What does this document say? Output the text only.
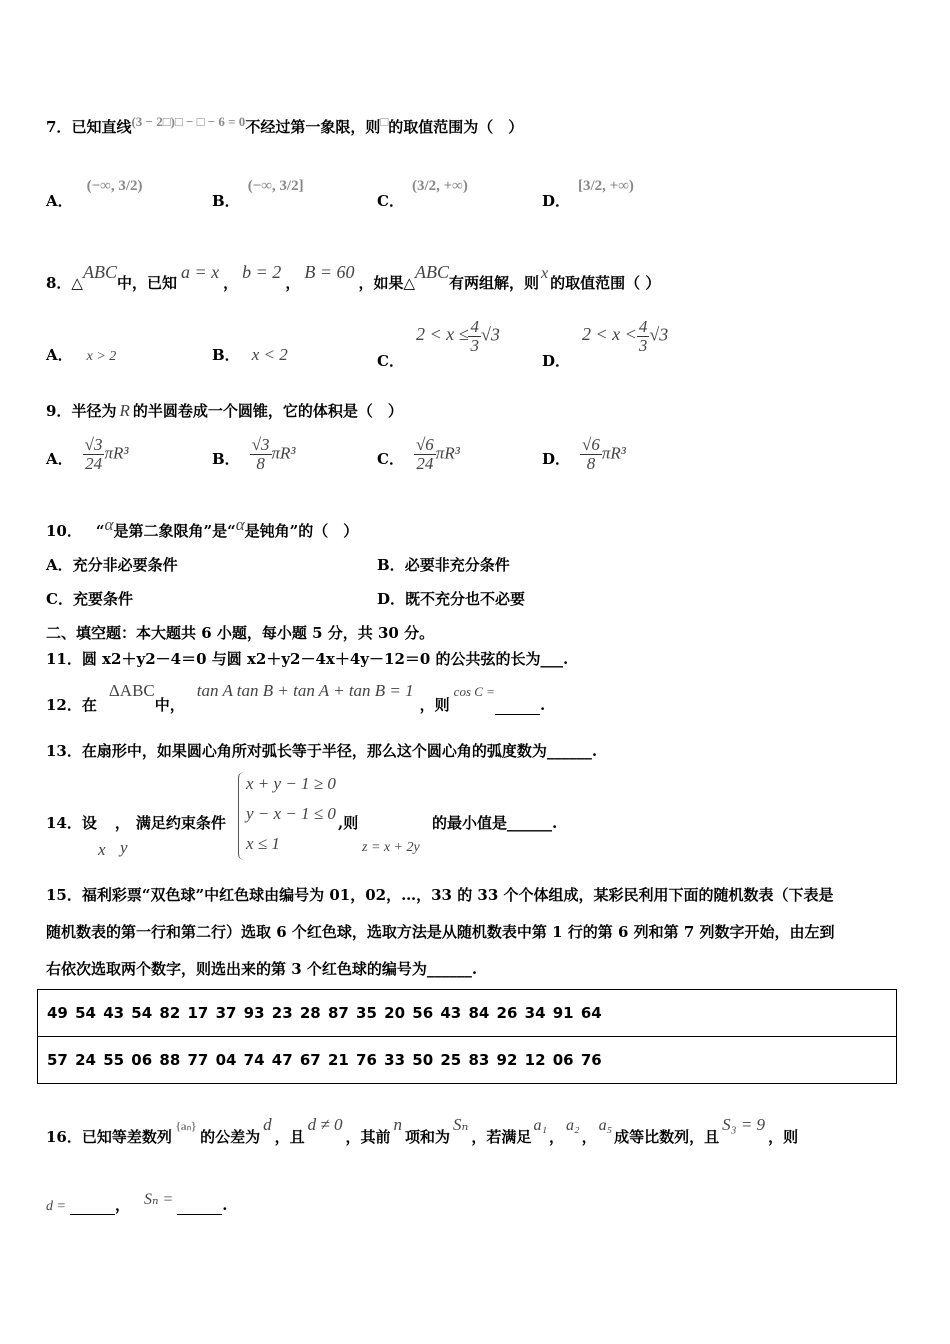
7．已知直线(3 − 2□)□ − □ − 6 = 0不经过第一象限，则□的取值范围为（　）
A．(−∞, 3/2)
B．(−∞, 3/2]
C．(3/2, +∞)
D．[3/2, +∞)
8．△ABC中，已知a = x，b = 2，B = 60，如果△ABC有两组解，则x的取值范围（ ）
A． x > 2	B． x < 2	C．$2 < x \le \frac{4}{3} √3$
D．$2 < x < \frac{4}{3} √3$
9．半径为 R 的半圆卷成一个圆锥，它的体积是（　）
A． $\frac{√3}{24} \pi R^3$	B． $\frac{√3}{8} \pi R^3$	C． $\frac{√6}{24} \pi R^3$	D． $\frac{√6}{8} \pi R^3$
10． “α是第二象限角”是“α是钝角”的（　）
A．充分非必要条件	B．必要非充分条件
C．充要条件	D．既不充分也不必要
二、填空题：本大题共 6 小题，每小题 5 分，共 30 分。
11．圆 x2＋y2－4＝0 与圆 x2＋y2－4x＋4y－12＝0 的公共弦的长为___.
12．在ΔABC中，tan A tan B + tan A + tan B = 1，则cos C =.
13．在扇形中，如果圆心角所对弧长等于半径，那么这个圆心角的弧度数为______.
14．设 ， 满足约束条件
x y
x + y − 1 ≥ 0
y − x − 1 ≤ 0
x ≤ 1
,则
z = x + 2y
的最小值是______.
15．福利彩票“双色球”中红色球由编号为 01，02，…，33 的 33 个个体组成，某彩民利用下面的随机数表（下表是
随机数表的第一行和第二行）选取 6 个红色球，选取方法是从随机数表中第 1 行的第 6 列和第 7 列数字开始，由左到
右依次选取两个数字，则选出来的第 3 个红色球的编号为______.
49 54 43 54 82 17 37 93 23 28 87 35 20 56 43 84 26 34 91 64
57 24 55 06 88 77 04 74 47 67 21 76 33 50 25 83 92 12 06 76
16．已知等差数列{aₙ}的公差为d，且d ≠ 0，其前n项和为Sₙ，若满足a₁，a₂，a₅成等比数列，且S₃ = 9，则
d =	， Sₙ =	.
